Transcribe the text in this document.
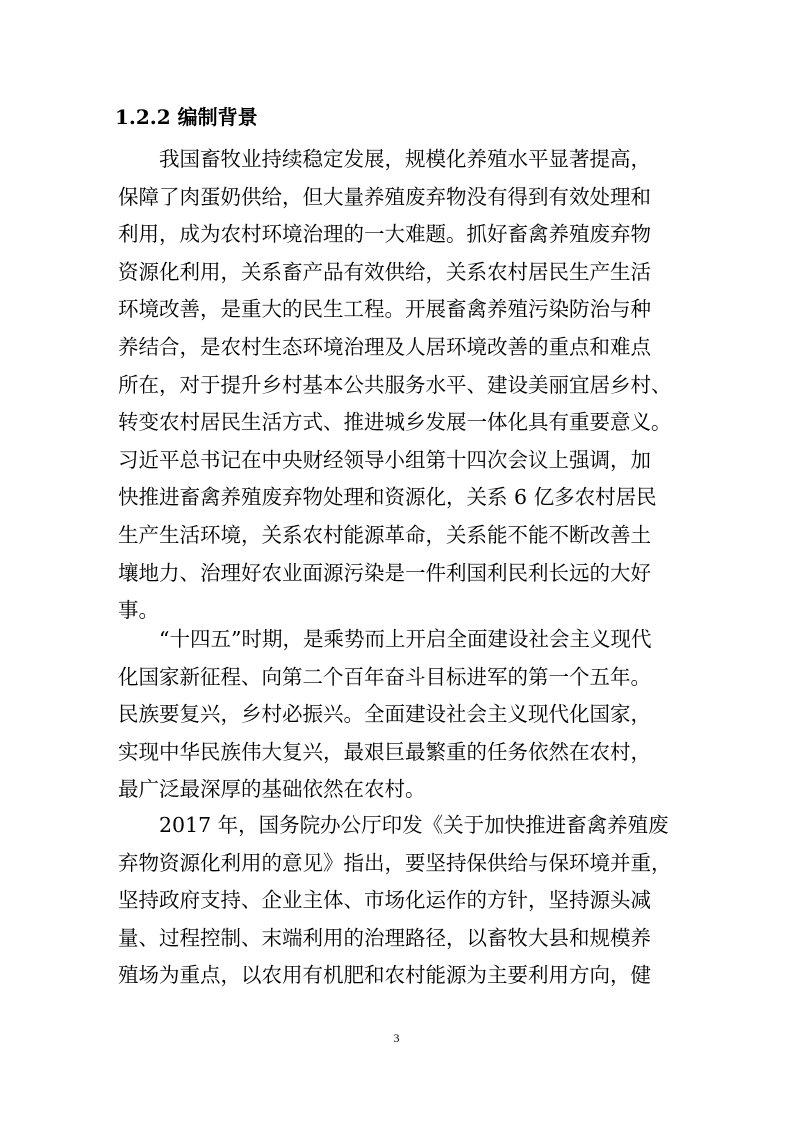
1.2.2 编制背景

我国畜牧业持续稳定发展，规模化养殖水平显著提高，
保障了肉蛋奶供给，但大量养殖废弃物没有得到有效处理和
利用，成为农村环境治理的一大难题。抓好畜禽养殖废弃物
资源化利用，关系畜产品有效供给，关系农村居民生产生活
环境改善，是重大的民生工程。开展畜禽养殖污染防治与种
养结合，是农村生态环境治理及人居环境改善的重点和难点
所在，对于提升乡村基本公共服务水平、建设美丽宜居乡村、
转变农村居民生活方式、推进城乡发展一体化具有重要意义。
习近平总书记在中央财经领导小组第十四次会议上强调，加
快推进畜禽养殖废弃物处理和资源化，关系 6 亿多农村居民
生产生活环境，关系农村能源革命，关系能不能不断改善土
壤地力、治理好农业面源污染是一件利国利民利长远的大好
事。

“十四五”时期，是乘势而上开启全面建设社会主义现代
化国家新征程、向第二个百年奋斗目标进军的第一个五年。
民族要复兴，乡村必振兴。全面建设社会主义现代化国家，
实现中华民族伟大复兴，最艰巨最繁重的任务依然在农村，
最广泛最深厚的基础依然在农村。

2017 年，国务院办公厅印发《关于加快推进畜禽养殖废
弃物资源化利用的意见》指出，要坚持保供给与保环境并重，
坚持政府支持、企业主体、市场化运作的方针，坚持源头减
量、过程控制、末端利用的治理路径，以畜牧大县和规模养
殖场为重点，以农用有机肥和农村能源为主要利用方向，健

3
